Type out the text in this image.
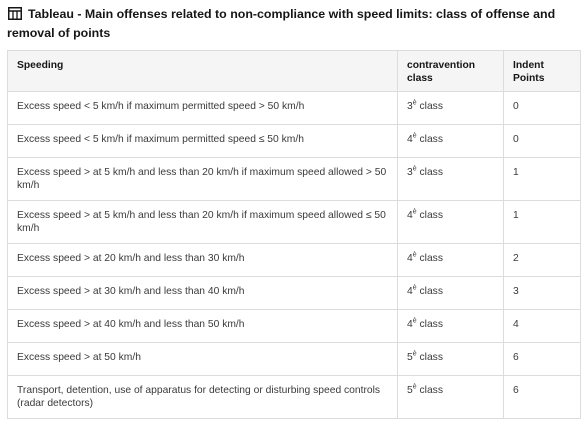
Tableau - Main offenses related to non-compliance with speed limits: class of offense and removal of points
Speeding	contravention class	Indent Points
Excess speed < 5 km/h if maximum permitted speed > 50 km/h	$3^è$ class	0
Excess speed < 5 km/h if maximum permitted speed ≤ 50 km/h	$4^è$ class	0
Excess speed > at 5 km/h and less than 20 km/h if maximum speed allowed > 50 km/h	$3^è$ class	1
Excess speed > at 5 km/h and less than 20 km/h if maximum speed allowed ≤ 50 km/h	$4^è$ class	1
Excess speed > at 20 km/h and less than 30 km/h	$4^è$ class	2
Excess speed > at 30 km/h and less than 40 km/h	$4^è$ class	3
Excess speed > at 40 km/h and less than 50 km/h	$4^è$ class	4
Excess speed > at 50 km/h	$5^è$ class	6
Transport, detention, use of apparatus for detecting or disturbing speed controls (radar detectors)	$5^è$ class	6
